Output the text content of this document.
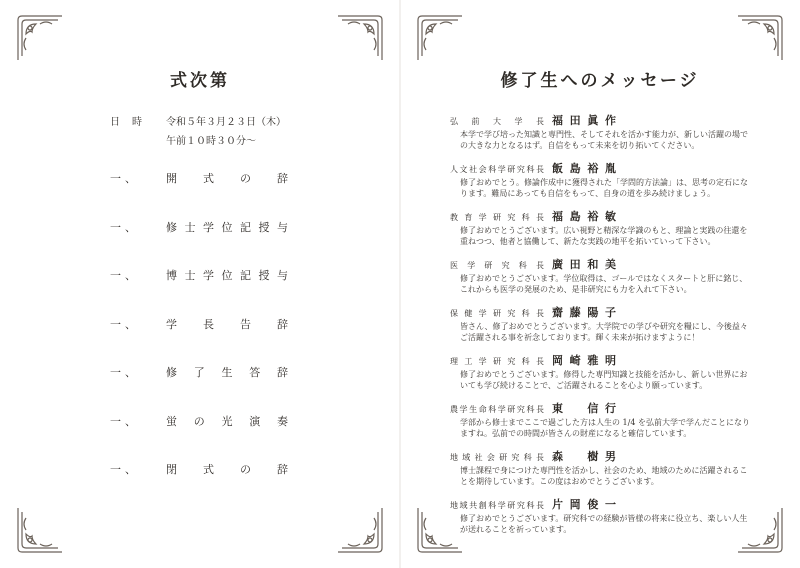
式次第
日時 令和５年３月２３日（木）
午前１０時３０分～
一、 開式の辞
一、 修士学位記授与
一、 博士学位記授与
一、 学長告辞
一、 修了生答辞
一、 蛍の光演奏
一、 閉式の辞
修了生へのメッセージ
弘前大学長 福田眞作
本学で学び培った知識と専門性、そしてそれを活かす能力が、新しい活躍の場での大きな力となるはず。自信をもって未来を切り拓いてください。
人文社会科学研究科長 飯島裕胤
修了おめでとう。修論作成中に獲得された「学問的方法論」は、思考の定石になります。難局にあっても自信をもって、自身の道を歩み続けましょう。
教育学研究科長 福島裕敏
修了おめでとうございます。広い視野と精深な学識のもと、理論と実践の往還を重ねつつ、他者と協働して、新たな実践の地平を拓いていって下さい。
医学研究科長 廣田和美
修了おめでとうございます。学位取得は、ゴールではなくスタートと肝に銘じ、これからも医学の発展のため、是非研究にも力を入れて下さい。
保健学研究科長 齋藤陽子
皆さん、修了おめでとうございます。大学院での学びや研究を糧にし、今後益々ご活躍される事を祈念しております。輝く未来が拓けますように！
理工学研究科長 岡崎雅明
修了おめでとうございます。修得した専門知識と技能を活かし、新しい世界においても学び続けることで、ご活躍されることを心より願っています。
農学生命科学研究科長 東　信行
学部から修士までここで過ごした方は人生の 1/4 を弘前大学で学んだことになりますね。弘前での時間が皆さんの財産になると確信しています。
地域社会研究科長 森　樹男
博士課程で身につけた専門性を活かし、社会のため、地域のために活躍されることを期待しています。この度はおめでとうございます。
地域共創科学研究科長 片岡俊一
修了おめでとうございます。研究科での経験が皆様の将来に役立ち、楽しい人生が送れることを祈っています。
